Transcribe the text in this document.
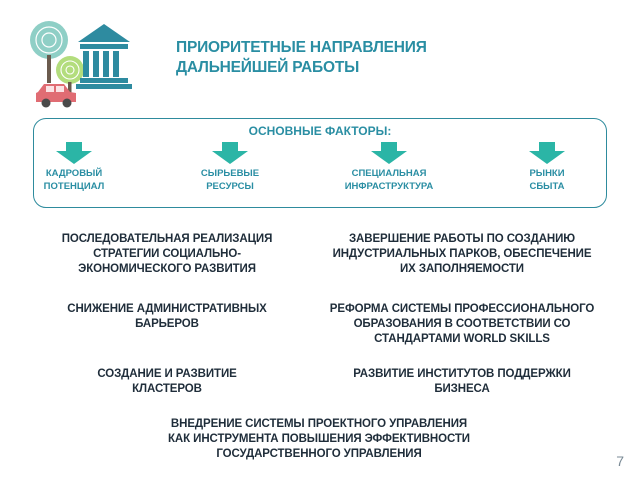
ПРИОРИТЕТНЫЕ НАПРАВЛЕНИЯ
ДАЛЬНЕЙШЕЙ РАБОТЫ
ОСНОВНЫЕ ФАКТОРЫ:
КАДРОВЫЙ
ПОТЕНЦИАЛ
СЫРЬЕВЫЕ
РЕСУРСЫ
СПЕЦИАЛЬНАЯ
ИНФРАСТРУКТУРА
РЫНКИ
СБЫТА
ПОСЛЕДОВАТЕЛЬНАЯ РЕАЛИЗАЦИЯ
СТРАТЕГИИ СОЦИАЛЬНО-
ЭКОНОМИЧЕСКОГО РАЗВИТИЯ
ЗАВЕРШЕНИЕ РАБОТЫ ПО СОЗДАНИЮ
ИНДУСТРИАЛЬНЫХ ПАРКОВ, ОБЕСПЕЧЕНИЕ
ИХ ЗАПОЛНЯЕМОСТИ
СНИЖЕНИЕ АДМИНИСТРАТИВНЫХ
БАРЬЕРОВ
РЕФОРМА СИСТЕМЫ ПРОФЕССИОНАЛЬНОГО
ОБРАЗОВАНИЯ В СООТВЕТСТВИИ СО
СТАНДАРТАМИ WORLD SKILLS
СОЗДАНИЕ И РАЗВИТИЕ
КЛАСТЕРОВ
РАЗВИТИЕ ИНСТИТУТОВ ПОДДЕРЖКИ
БИЗНЕСА
ВНЕДРЕНИЕ СИСТЕМЫ ПРОЕКТНОГО УПРАВЛЕНИЯ
КАК ИНСТРУМЕНТА ПОВЫШЕНИЯ ЭФФЕКТИВНОСТИ
ГОСУДАРСТВЕННОГО УПРАВЛЕНИЯ	7
